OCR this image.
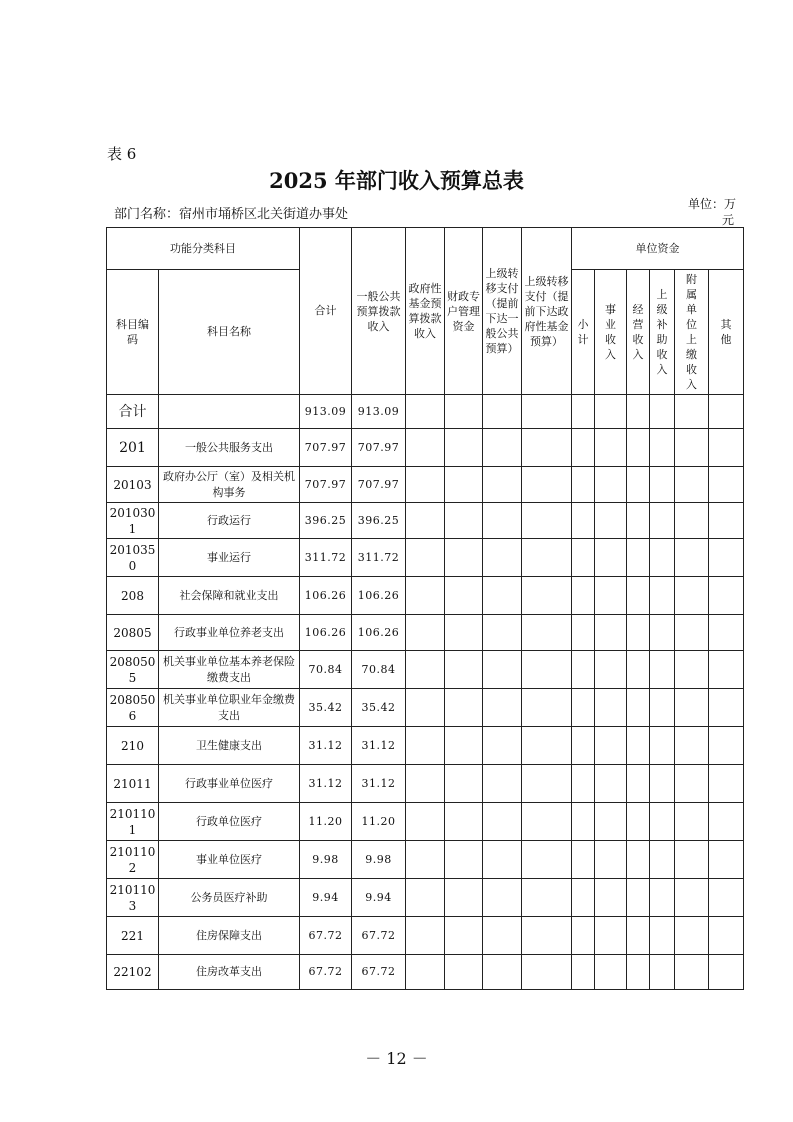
表 6
2025 年部门收入预算总表
部门名称：宿州市埇桥区北关街道办事处
单位：万
元
功能分类科目		合计	一般公共预算拨款收入	政府性基金预算拨款收入	财政专户管理资金	上级转移支付（提前下达一般公共预算）	上级转移支付（提前下达政府性基金预算）	单位资金					

科目编码	科目名称							小计	事业收入	经营收入	上级补助收入	附属单位上缴收入	其他

合计		913.09	913.09										
201	一般公共服务支出	707.97	707.97										
20103	政府办公厅（室）及相关机构事务	707.97	707.97										
2010301	行政运行	396.25	396.25										
2010350	事业运行	311.72	311.72										
208	社会保障和就业支出	106.26	106.26										
20805	行政事业单位养老支出	106.26	106.26										
2080505	机关事业单位基本养老保险缴费支出	70.84	70.84										
2080506	机关事业单位职业年金缴费支出	35.42	35.42										
210	卫生健康支出	31.12	31.12										
21011	行政事业单位医疗	31.12	31.12										
2101101	行政单位医疗	11.20	11.20										
2101102	事业单位医疗	9.98	9.98										
2101103	公务员医疗补助	9.94	9.94										
221	住房保障支出	67.72	67.72										
22102	住房改革支出	67.72	67.72										
－ 12 －
